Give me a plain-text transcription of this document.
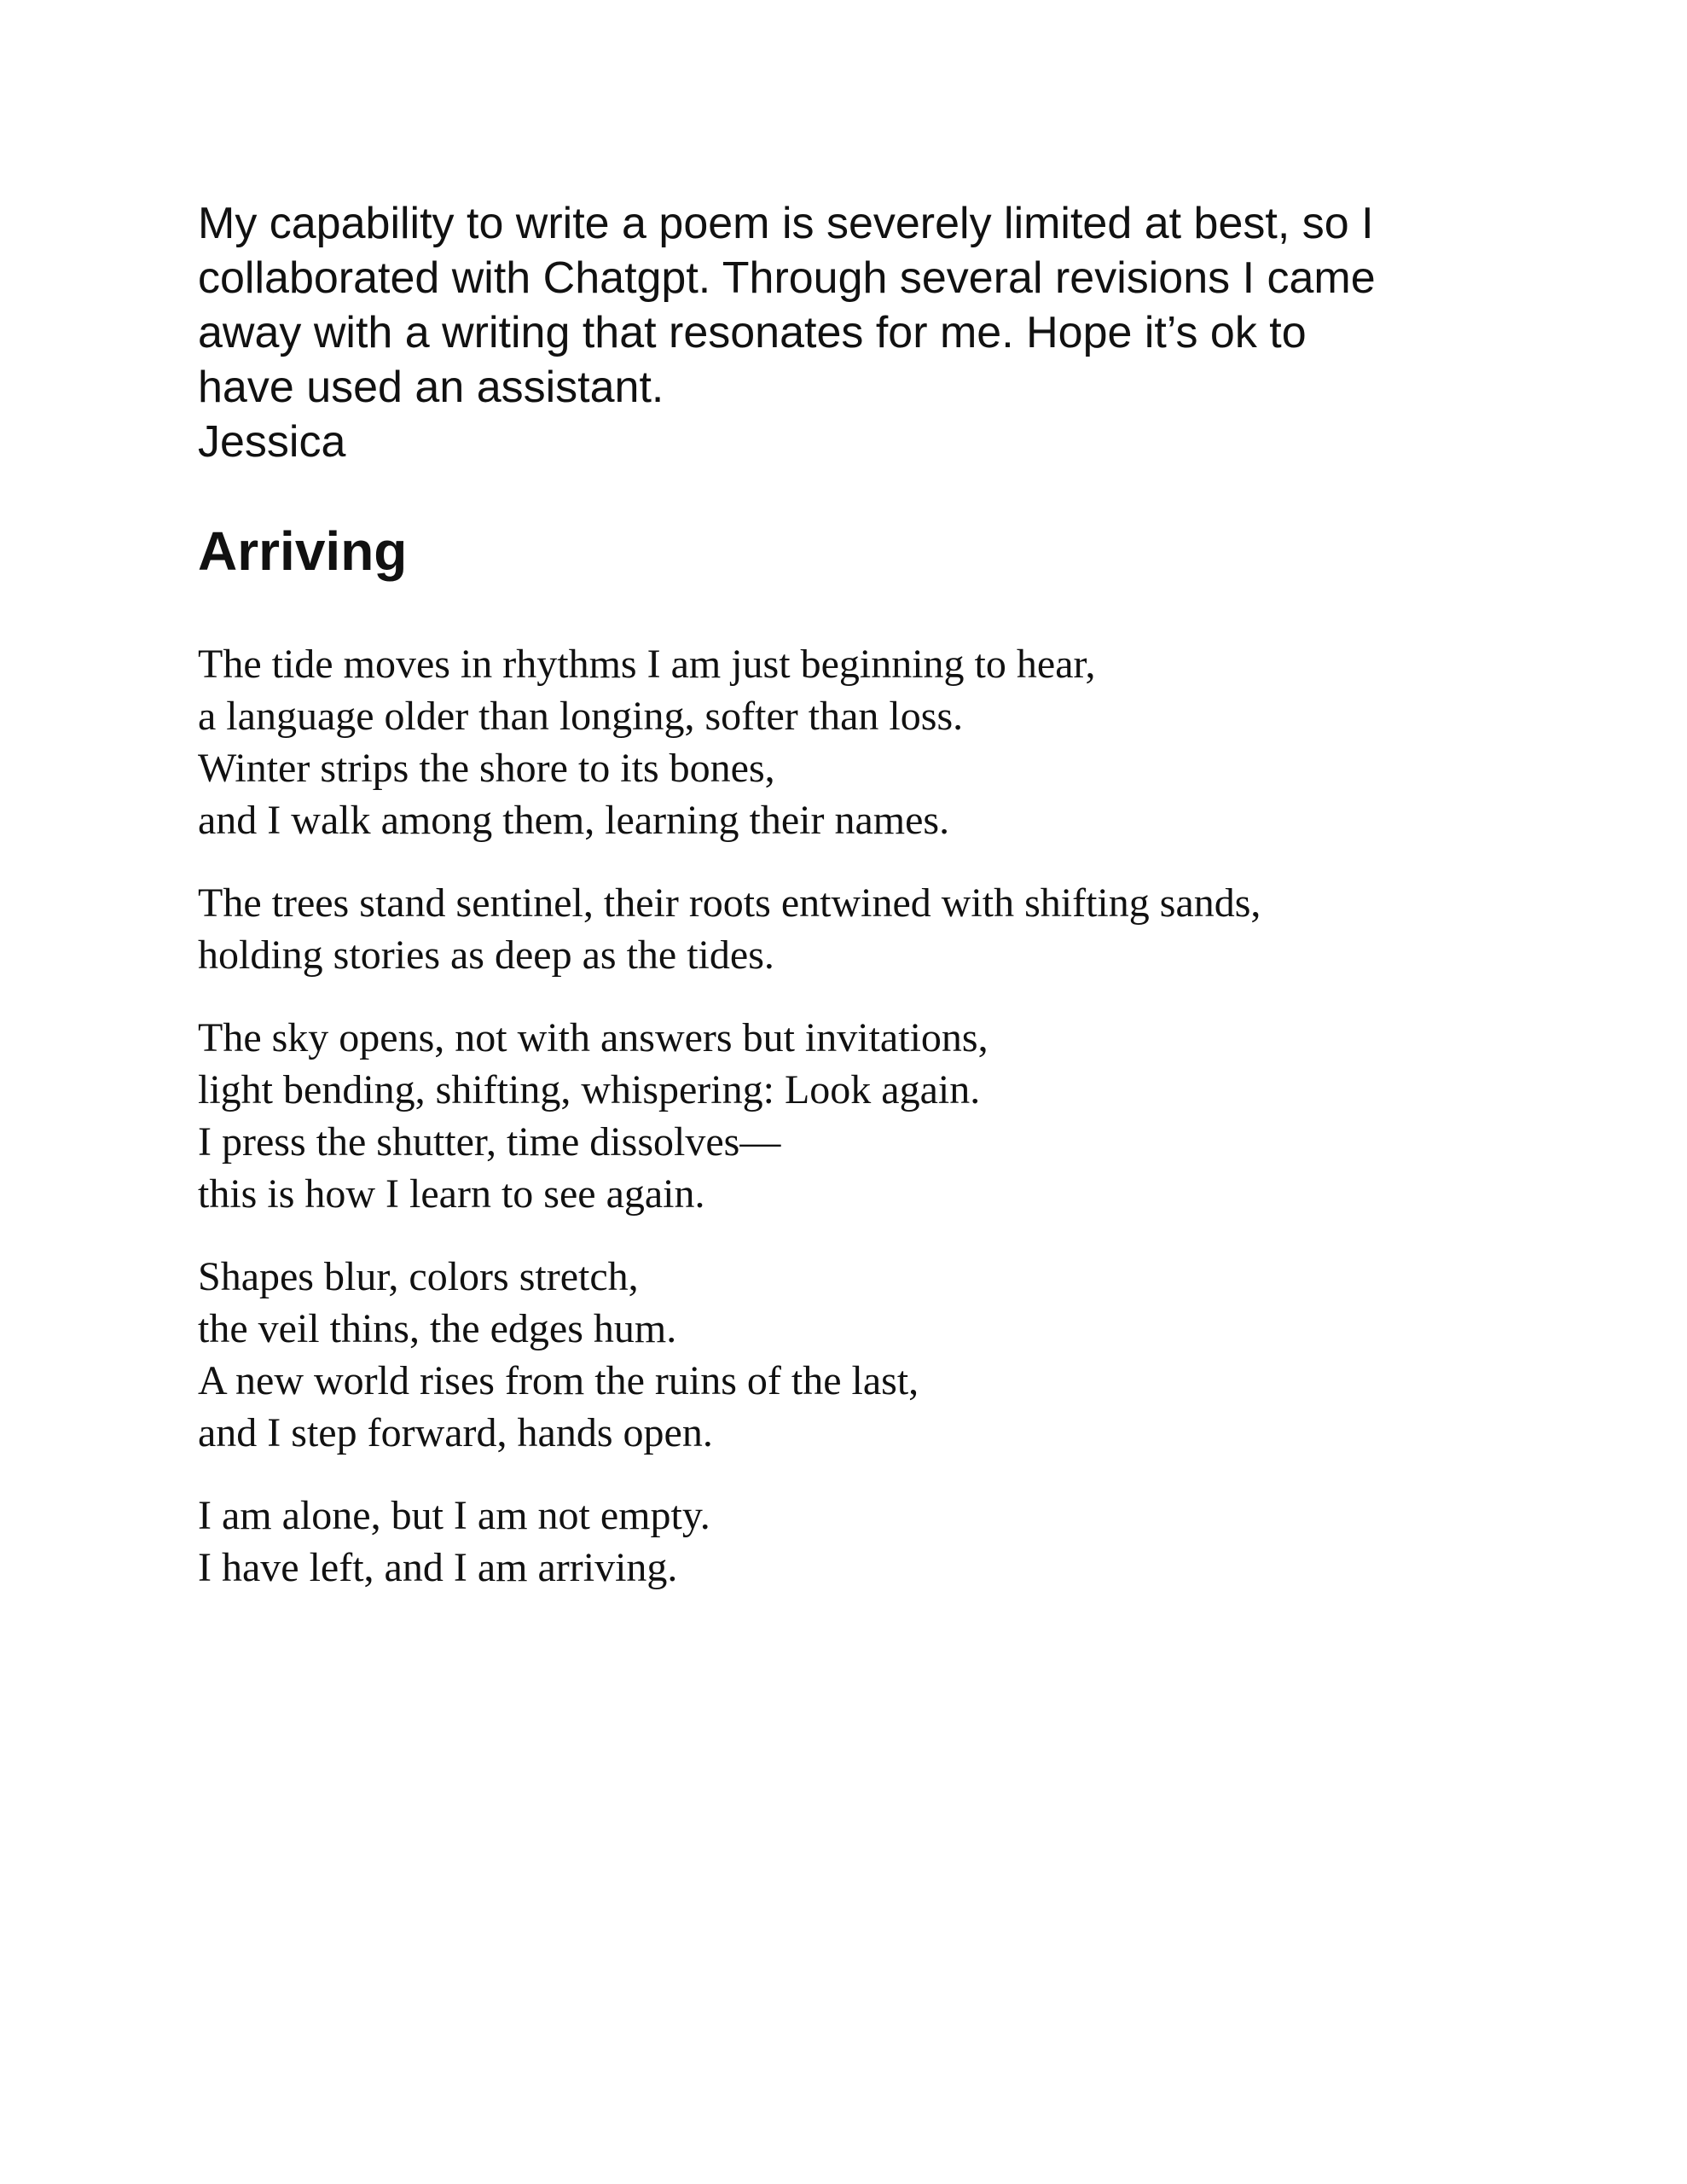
My capability to write a poem is severely limited at best, so I
collaborated with Chatgpt. Through several revisions I came
away with a writing that resonates for me. Hope it’s ok to
have used an assistant.

Jessica

Arriving

The tide moves in rhythms I am just beginning to hear,
a language older than longing, softer than loss.
Winter strips the shore to its bones,
and I walk among them, learning their names.

The trees stand sentinel, their roots entwined with shifting sands,
holding stories as deep as the tides.

The sky opens, not with answers but invitations,
light bending, shifting, whispering: Look again.
I press the shutter, time dissolves—
this is how I learn to see again.

Shapes blur, colors stretch,
the veil thins, the edges hum.
A new world rises from the ruins of the last,
and I step forward, hands open.

I am alone, but I am not empty.
I have left, and I am arriving.
